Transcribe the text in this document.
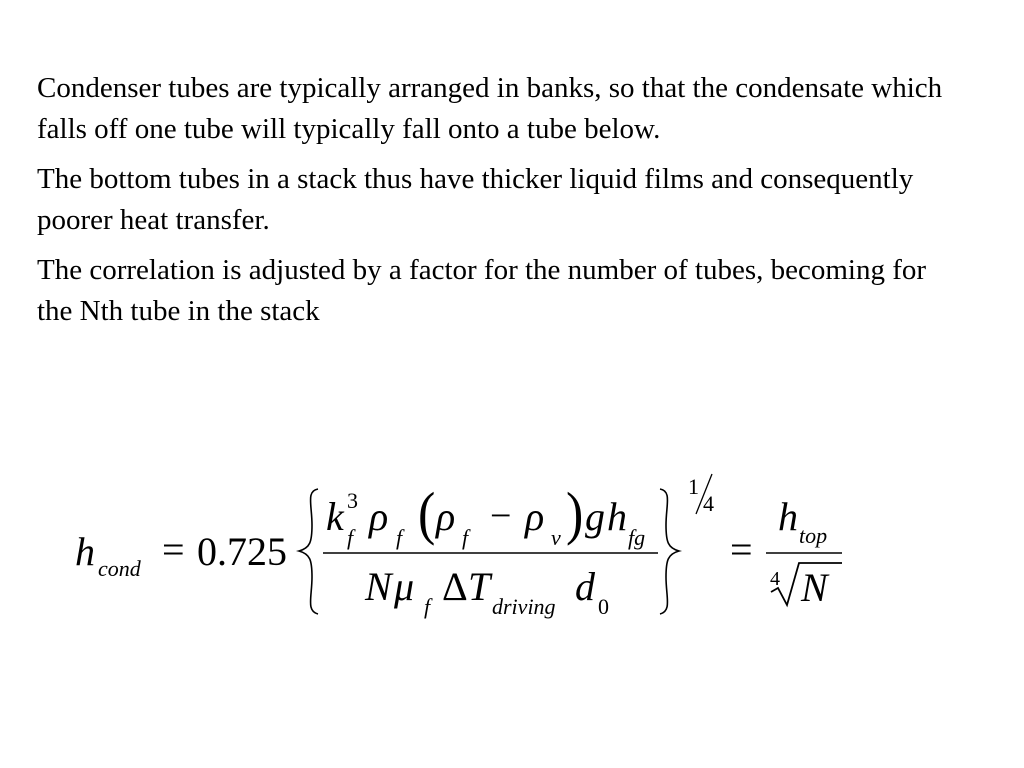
Condenser tubes are typically arranged in banks, so that the condensate which falls off one tube will typically fall onto a tube below.

The bottom tubes in a stack thus have thicker liquid films and consequently poorer heat transfer.

The correlation is adjusted by a factor for the number of tubes, becoming for the Nth tube in the stack

h cond = 0.725
k 3
f ρ f ( ρ f
− ρ v ) g h fg
N μ f Δ T driving d 0
1
4
=
h top
4 N
